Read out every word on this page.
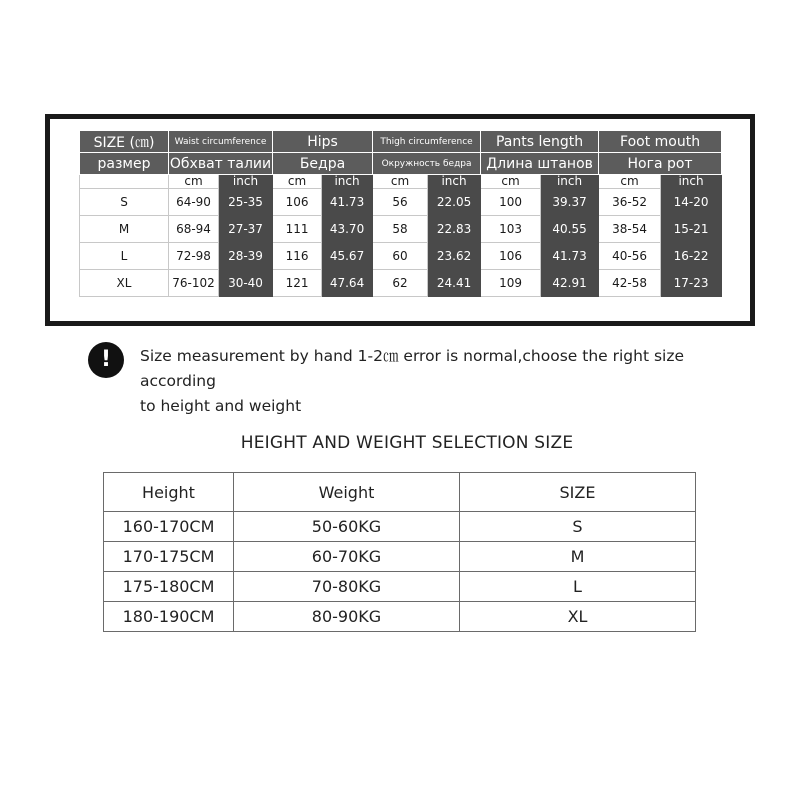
SIZE (㎝)	Waist circumference		Hips		Thigh circumference		Pants length		Foot mouth	
размер	Обхват талии		Бедра		Окружность бедра		Длина штанов		Нога рот	
	cm	inch	cm	inch	cm	inch	cm	inch	cm	inch
S	64-90	25-35	106	41.73	56	22.05	100	39.37	36-52	14-20
M	68-94	27-37	111	43.70	58	22.83	103	40.55	38-54	15-21
L	72-98	28-39	116	45.67	60	23.62	106	41.73	40-56	16-22
XL	76-102	30-40	121	47.64	62	24.41	109	42.91	42-58	17-23
!	Size measurement by hand 1-2㎝ error is normal,choose the right size according
to height and weight
HEIGHT AND WEIGHT SELECTION SIZE
Height	Weight	SIZE
160-170CM	50-60KG	S
170-175CM	60-70KG	M
175-180CM	70-80KG	L
180-190CM	80-90KG	XL
